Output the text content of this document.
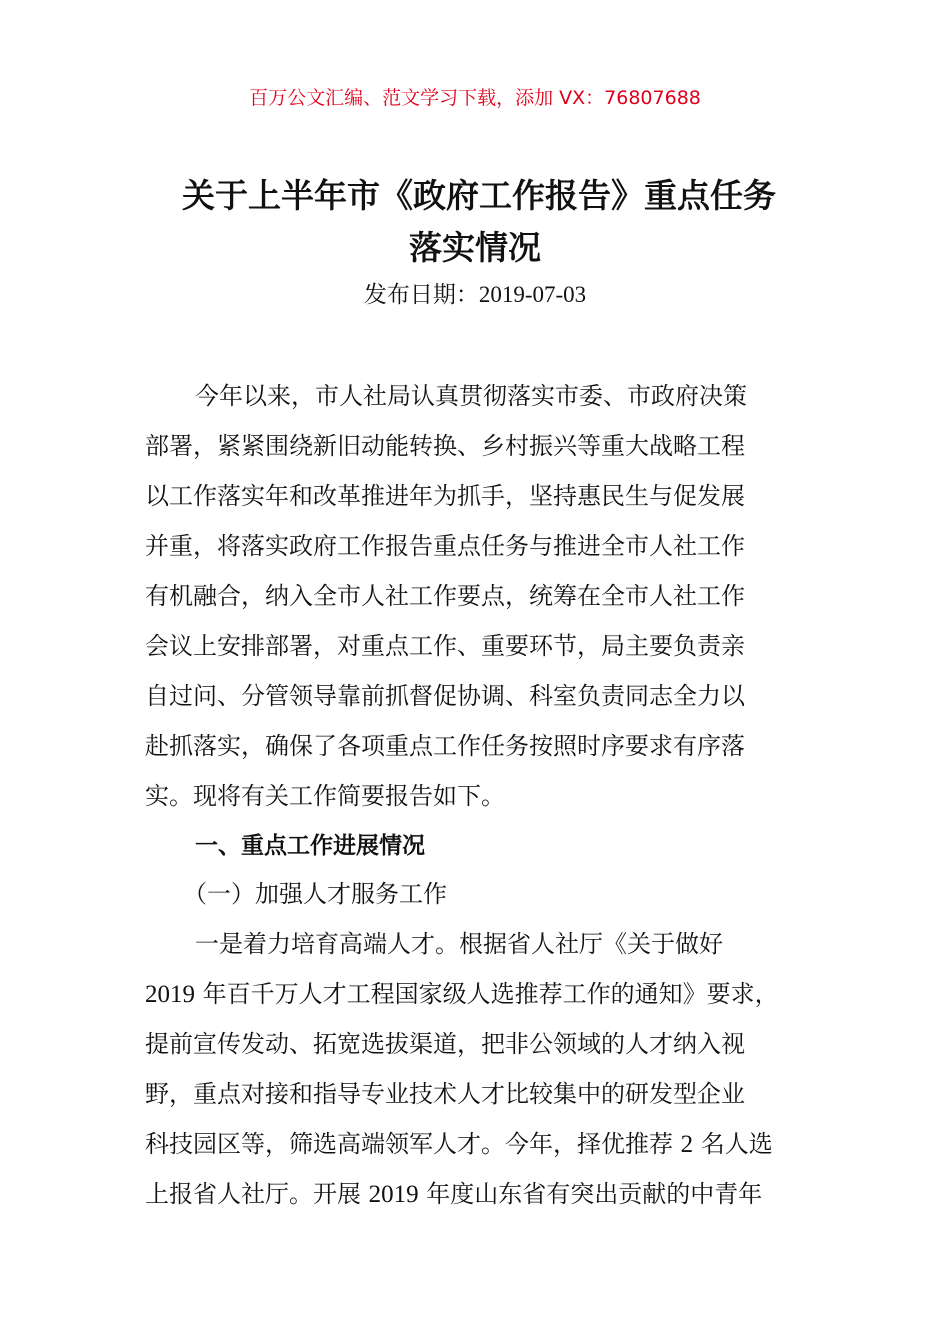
百万公文汇编、范文学习下载，添加 VX：76807688
关于上半年市《政府工作报告》重点任务
落实情况
发布日期：2019-07-03
今年以来，市人社局认真贯彻落实市委、市政府决策
部署，紧紧围绕新旧动能转换、乡村振兴等重大战略工程
以工作落实年和改革推进年为抓手，坚持惠民生与促发展
并重，将落实政府工作报告重点任务与推进全市人社工作
有机融合，纳入全市人社工作要点，统筹在全市人社工作
会议上安排部署，对重点工作、重要环节，局主要负责亲
自过问、分管领导靠前抓督促协调、科室负责同志全力以
赴抓落实，确保了各项重点工作任务按照时序要求有序落
实。现将有关工作简要报告如下。
一、重点工作进展情况
（一）加强人才服务工作
一是着力培育高端人才。根据省人社厅《关于做好
2019 年百千万人才工程国家级人选推荐工作的通知》要求，
提前宣传发动、拓宽选拔渠道，把非公领域的人才纳入视
野，重点对接和指导专业技术人才比较集中的研发型企业
科技园区等，筛选高端领军人才。今年，择优推荐 2 名人选
上报省人社厅。开展 2019 年度山东省有突出贡献的中青年
